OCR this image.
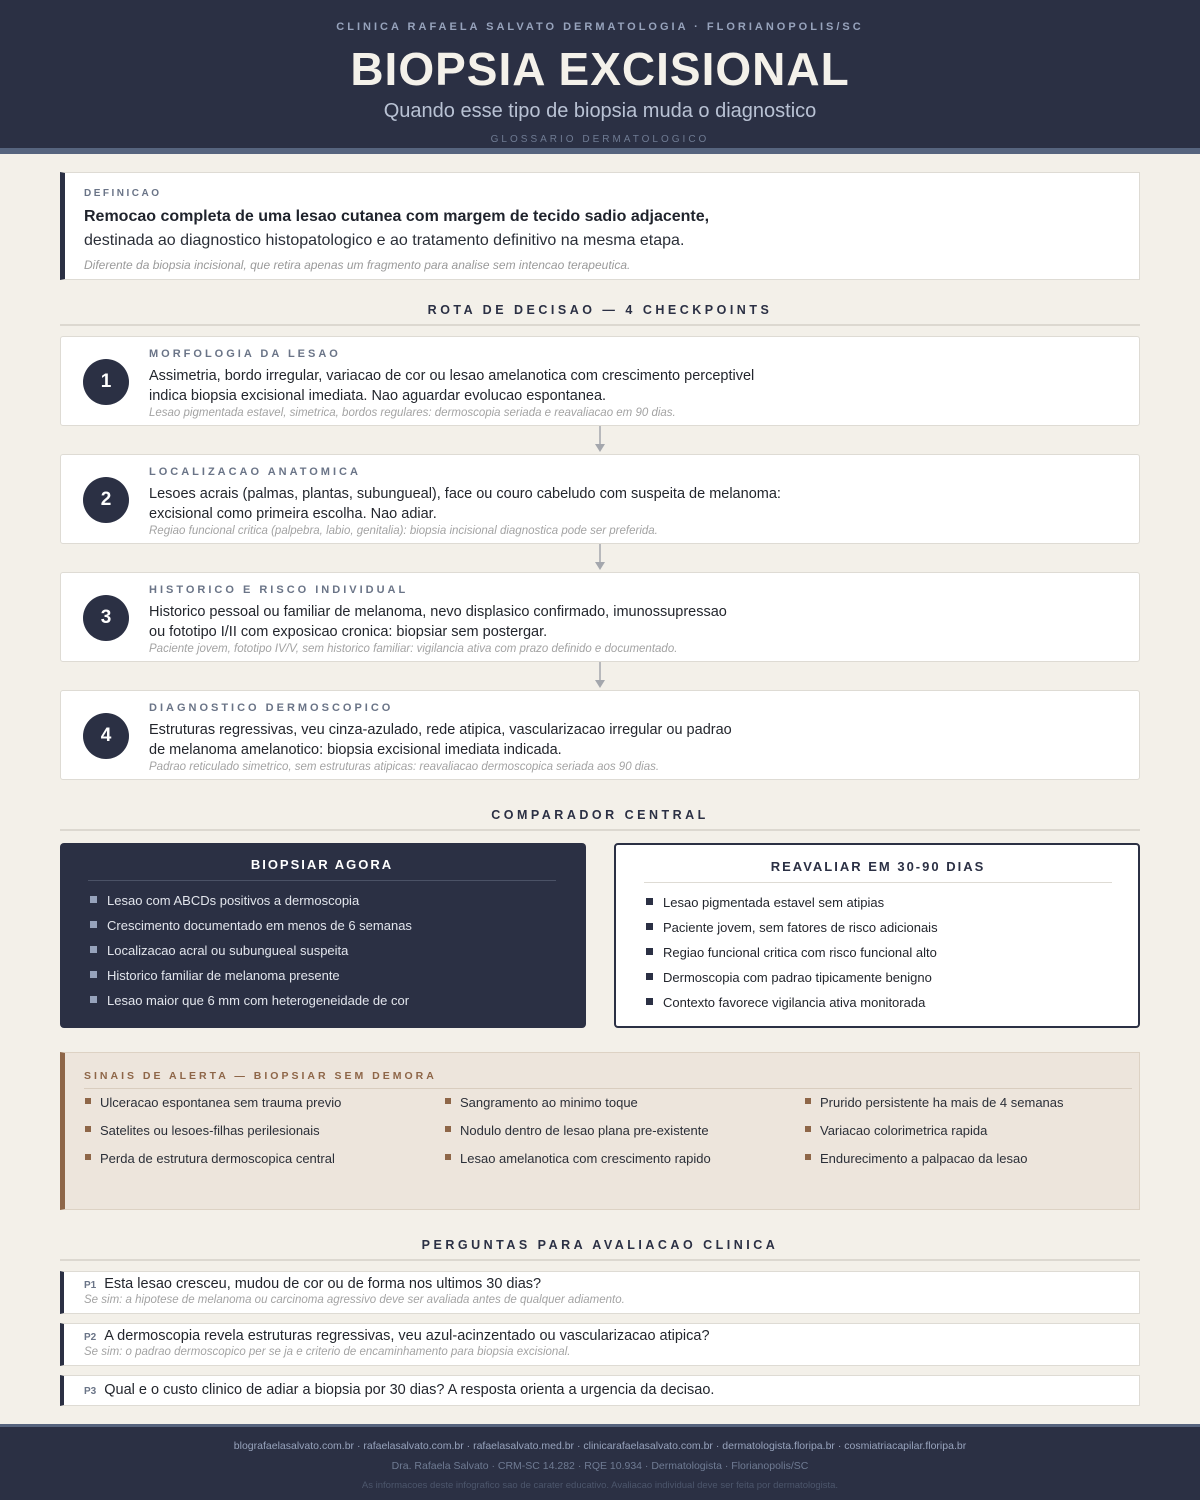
CLINICA RAFAELA SALVATO DERMATOLOGIA · FLORIANOPOLIS/SC
BIOPSIA EXCISIONAL
Quando esse tipo de biopsia muda o diagnostico
GLOSSARIO DERMATOLOGICO
DEFINICAO
Remocao completa de uma lesao cutanea com margem de tecido sadio adjacente,
destinada ao diagnostico histopatologico e ao tratamento definitivo na mesma etapa.
Diferente da biopsia incisional, que retira apenas um fragmento para analise sem intencao terapeutica.
ROTA DE DECISAO — 4 CHECKPOINTS
1
MORFOLOGIA DA LESAO
Assimetria, bordo irregular, variacao de cor ou lesao amelanotica com crescimento perceptivel
indica biopsia excisional imediata. Nao aguardar evolucao espontanea.
Lesao pigmentada estavel, simetrica, bordos regulares: dermoscopia seriada e reavaliacao em 90 dias.
2
LOCALIZACAO ANATOMICA
Lesoes acrais (palmas, plantas, subungueal), face ou couro cabeludo com suspeita de melanoma:
excisional como primeira escolha. Nao adiar.
Regiao funcional critica (palpebra, labio, genitalia): biopsia incisional diagnostica pode ser preferida.
3
HISTORICO E RISCO INDIVIDUAL
Historico pessoal ou familiar de melanoma, nevo displasico confirmado, imunossupressao
ou fototipo I/II com exposicao cronica: biopsiar sem postergar.
Paciente jovem, fototipo IV/V, sem historico familiar: vigilancia ativa com prazo definido e documentado.
4
DIAGNOSTICO DERMOSCOPICO
Estruturas regressivas, veu cinza-azulado, rede atipica, vascularizacao irregular ou padrao
de melanoma amelanotico: biopsia excisional imediata indicada.
Padrao reticulado simetrico, sem estruturas atipicas: reavaliacao dermoscopica seriada aos 90 dias.
COMPARADOR CENTRAL
BIOPSIAR AGORA
Lesao com ABCDs positivos a dermoscopia
Crescimento documentado em menos de 6 semanas
Localizacao acral ou subungueal suspeita
Historico familiar de melanoma presente
Lesao maior que 6 mm com heterogeneidade de cor
REAVALIAR EM 30-90 DIAS
Lesao pigmentada estavel sem atipias
Paciente jovem, sem fatores de risco adicionais
Regiao funcional critica com risco funcional alto
Dermoscopia com padrao tipicamente benigno
Contexto favorece vigilancia ativa monitorada
SINAIS DE ALERTA — BIOPSIAR SEM DEMORA
Ulceracao espontanea sem trauma previo	Sangramento ao minimo toque	Prurido persistente ha mais de 4 semanas
Satelites ou lesoes-filhas perilesionais	Nodulo dentro de lesao plana pre-existente	Variacao colorimetrica rapida
Perda de estrutura dermoscopica central	Lesao amelanotica com crescimento rapido	Endurecimento a palpacao da lesao
PERGUNTAS PARA AVALIACAO CLINICA
P1 Esta lesao cresceu, mudou de cor ou de forma nos ultimos 30 dias?
Se sim: a hipotese de melanoma ou carcinoma agressivo deve ser avaliada antes de qualquer adiamento.
P2 A dermoscopia revela estruturas regressivas, veu azul-acinzentado ou vascularizacao atipica?
Se sim: o padrao dermoscopico per se ja e criterio de encaminhamento para biopsia excisional.
P3 Qual e o custo clinico de adiar a biopsia por 30 dias? A resposta orienta a urgencia da decisao.
blografaelasalvato.com.br · rafaelasalvato.com.br · rafaelasalvato.med.br · clinicarafaelasalvato.com.br · dermatologista.floripa.br · cosmiatriacapilar.floripa.br
Dra. Rafaela Salvato · CRM-SC 14.282 · RQE 10.934 · Dermatologista · Florianopolis/SC
As informacoes deste infografico sao de carater educativo. Avaliacao individual deve ser feita por dermatologista.
